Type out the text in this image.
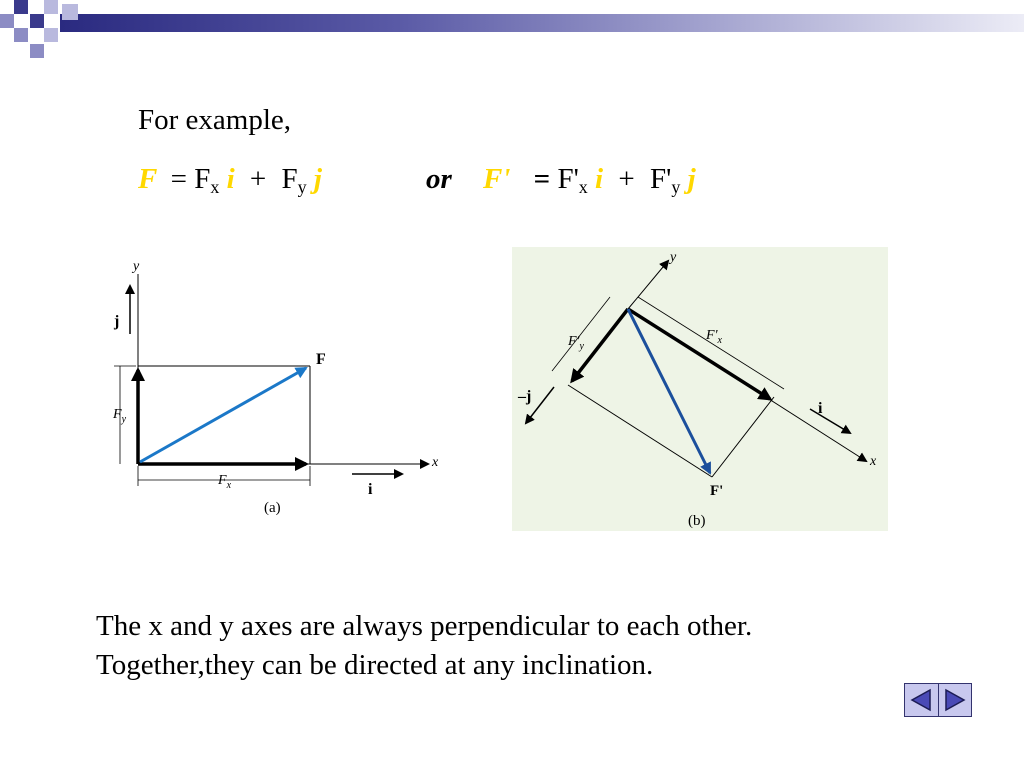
For example,
$F = F_x$ $i + F_y$ j	or $F' = F'_x$ $i + F'_y$ j
y
x
j
$F_y$
$F_x$
F
i
(a)
y
x
$F'_y$
$F'_x$
F'
–j
i
(b)
The x and y axes are always perpendicular to each other. Together,they can be directed at any inclination.
